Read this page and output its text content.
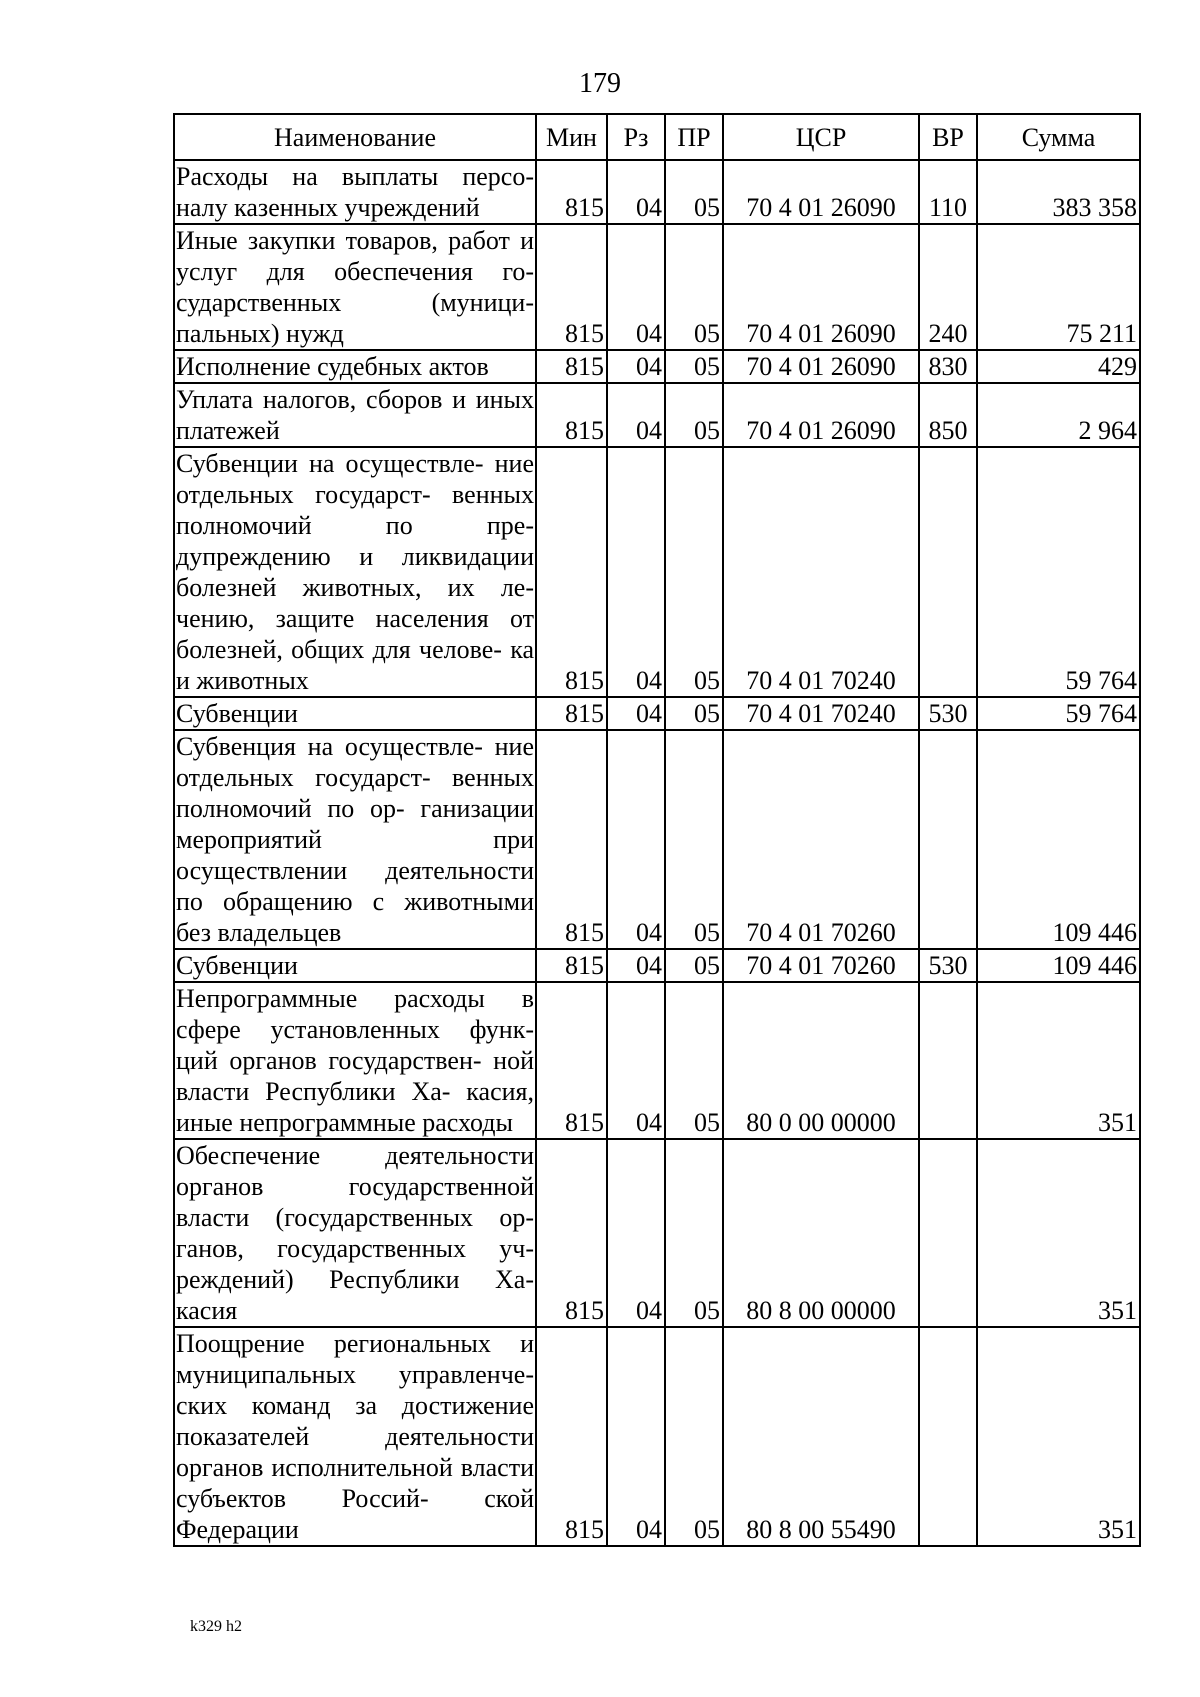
179
Наименование	Мин	Рз	ПР	ЦСР	ВР	Сумма
Расходы на выплаты персо- налу казенных учреждений	815	04	05	70 4 01 26090	110	383 358
Иные закупки товаров, работ и услуг для обеспечения го- сударственных (муници- пальных) нужд	815	04	05	70 4 01 26090	240	75 211
Исполнение судебных актов	815	04	05	70 4 01 26090	830	429
Уплата налогов, сборов и иных платежей	815	04	05	70 4 01 26090	850	2 964
Субвенции на осуществле- ние отдельных государст- венных полномочий по пре- дупреждению и ликвидации болезней животных, их ле- чению, защите населения от болезней, общих для челове- ка и животных	815	04	05	70 4 01 70240		59 764
Субвенции	815	04	05	70 4 01 70240	530	59 764
Субвенция на осуществле- ние отдельных государст- венных полномочий по ор- ганизации мероприятий при осуществлении деятельности по обращению с животными без владельцев	815	04	05	70 4 01 70260		109 446
Субвенции	815	04	05	70 4 01 70260	530	109 446
Непрограммные расходы в сфере установленных функ- ций органов государствен- ной власти Республики Ха- касия, иные непрограммные расходы	815	04	05	80 0 00 00000		351
Обеспечение деятельности органов государственной власти (государственных ор- ганов, государственных уч- реждений) Республики Ха- касия	815	04	05	80 8 00 00000		351
Поощрение региональных и муниципальных управленче- ских команд за достижение показателей деятельности органов исполнительной власти субъектов Россий- ской Федерации	815	04	05	80 8 00 55490		351
k329 h2
